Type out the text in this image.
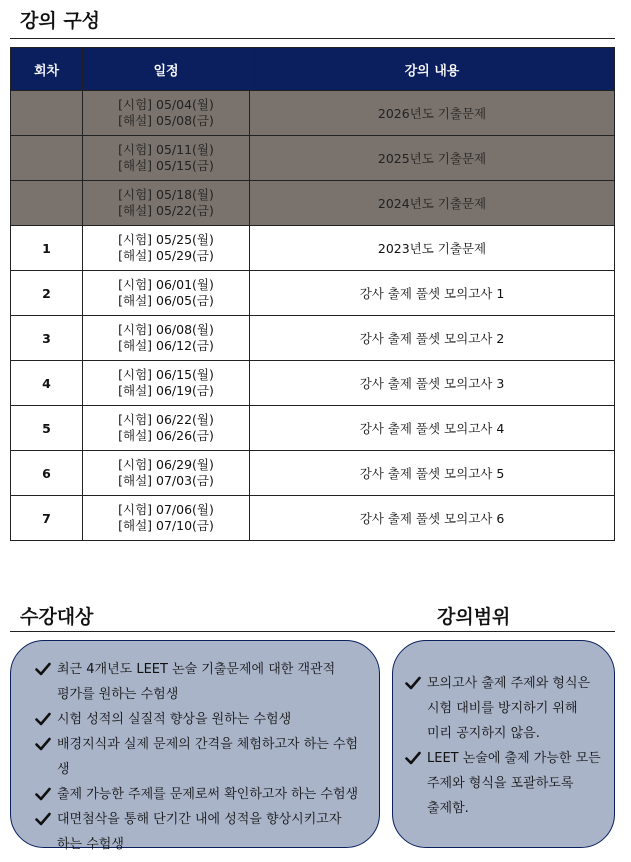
강의 구성
회차	일정	강의 내용

	[시험] 05/04(월)
[해설] 05/08(금)	2026년도 기출문제

	[시험] 05/11(월)
[해설] 05/15(금)	2025년도 기출문제

	[시험] 05/18(월)
[해설] 05/22(금)	2024년도 기출문제
1	[시험] 05/25(월)
[해설] 05/29(금)	2023년도 기출문제
2	[시험] 06/01(월)
[해설] 06/05(금)	강사 출제 풀셋 모의고사 1
3	[시험] 06/08(월)
[해설] 06/12(금)	강사 출제 풀셋 모의고사 2
4	[시험] 06/15(월)
[해설] 06/19(금)	강사 출제 풀셋 모의고사 3
5	[시험] 06/22(월)
[해설] 06/26(금)	강사 출제 풀셋 모의고사 4
6	[시험] 06/29(월)
[해설] 07/03(금)	강사 출제 풀셋 모의고사 5
7	[시험] 07/06(월)
[해설] 07/10(금)	강사 출제 풀셋 모의고사 6
수강대상	강의범위
최근 4개년도 LEET 논술 기출문제에 대한 객관적
평가를 원하는 수험생
시험 성적의 실질적 향상을 원하는 수험생
배경지식과 실제 문제의 간격을 체험하고자 하는 수험생
출제 가능한 주제를 문제로써 확인하고자 하는 수험생
대면첨삭을 통해 단기간 내에 성적을 향상시키고자
하는 수험생
모의고사 출제 주제와 형식은
시험 대비를 방지하기 위해
미리 공지하지 않음.
LEET 논술에 출제 가능한 모든
주제와 형식을 포괄하도록
출제함.
